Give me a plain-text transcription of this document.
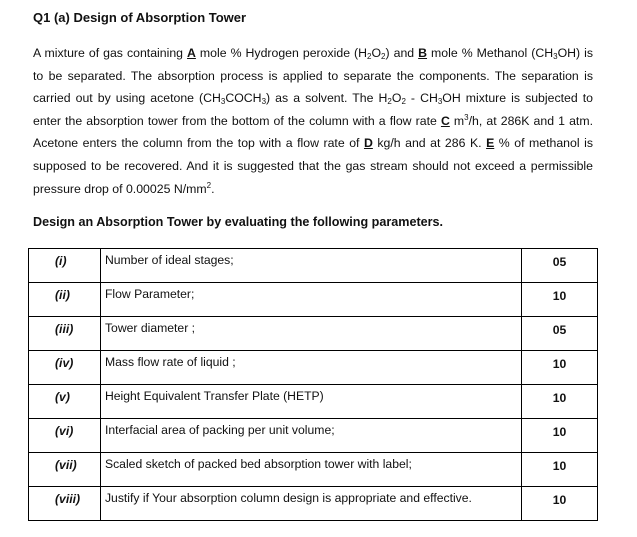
Q1 (a) Design of Absorption Tower

A mixture of gas containing A mole % Hydrogen peroxide $(H_2O_2)$ and B mole % Methanol $(CH_3OH)$ is to be separated. The absorption process is applied to separate the components. The separation is carried out by using acetone $(CH_3COCH_3)$ as a solvent. The $H_2O_2 - CH_3OH$ mixture is subjected to enter the absorption tower from the bottom of the column with a flow rate C $m^3/h$, at 286K and 1 atm. Acetone enters the column from the top with a flow rate of D kg/h and at 286 K. E % of methanol is supposed to be recovered. And it is suggested that the gas stream should not exceed a permissible pressure drop of 0.00025 $N/mm^2$.

Design an Absorption Tower by evaluating the following parameters.
(i)	Number of ideal stages;	05
(ii)	Flow Parameter;	10
(iii)	Tower diameter ;	05
(iv)	Mass flow rate of liquid ;	10
(v)	Height Equivalent Transfer Plate (HETP)	10
(vi)	Interfacial area of packing per unit volume;	10
(vii)	Scaled sketch of packed bed absorption tower with label;	10
(viii)	Justify if Your absorption column design is appropriate and effective.	10
